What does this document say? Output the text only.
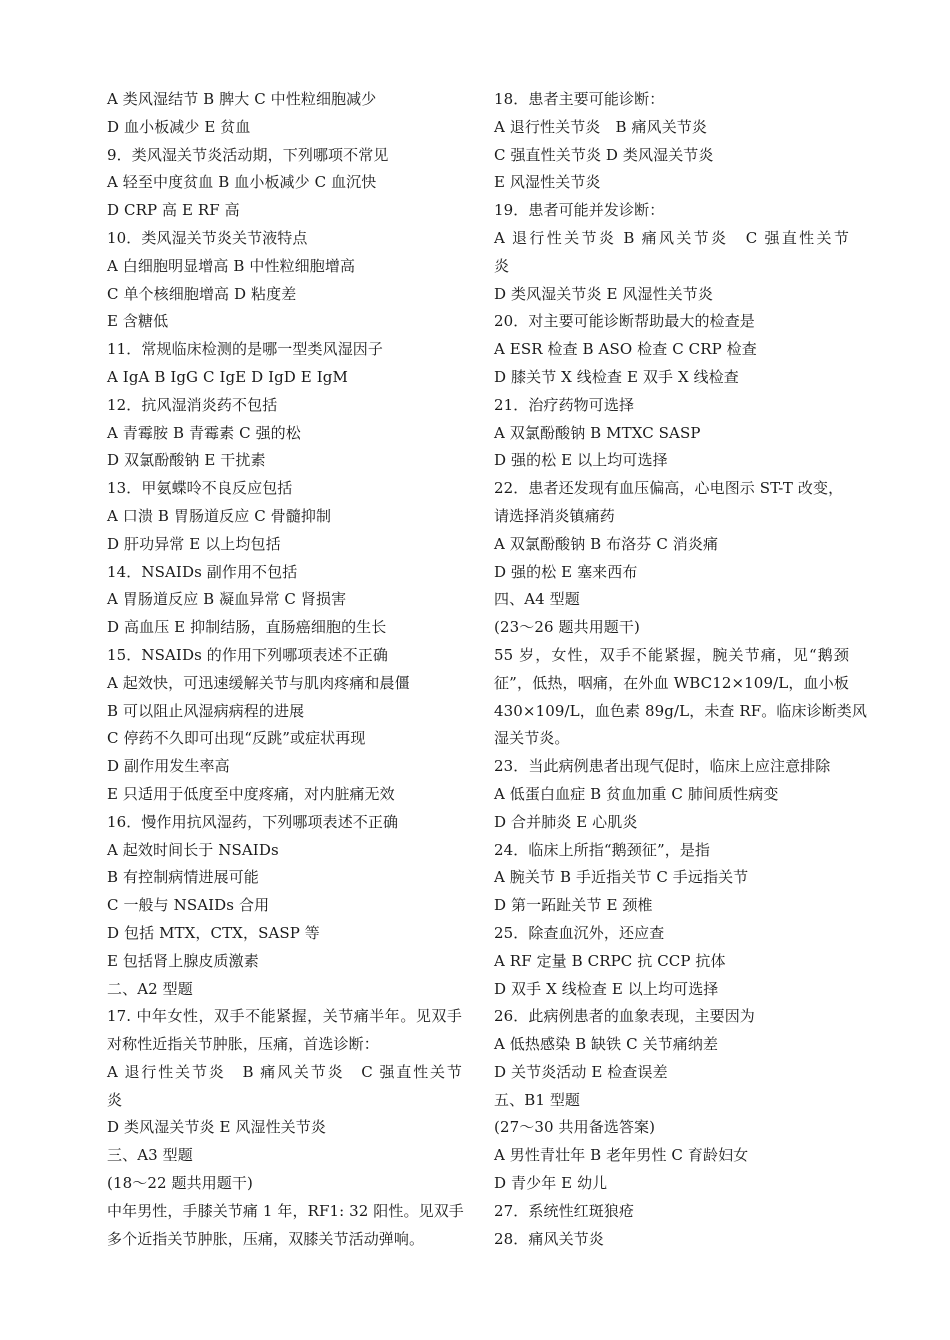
A 类风湿结节 B 脾大 C 中性粒细胞减少
D 血小板减少 E 贫血
9．类风湿关节炎活动期，下列哪项不常见
A 轻至中度贫血 B 血小板减少 C 血沉快
D CRP 高 E RF 高
10．类风湿关节炎关节液特点
A 白细胞明显增高 B 中性粒细胞增高
C 单个核细胞增高 D 粘度差
E 含糖低
11．常规临床检测的是哪一型类风湿因子
A IgA B IgG C IgE D IgD E IgM
12．抗风湿消炎药不包括
A 青霉胺 B 青霉素 C 强的松
D 双氯酚酸钠 E 干扰素
13．甲氨蝶呤不良反应包括
A 口溃 B 胃肠道反应 C 骨髓抑制
D 肝功异常 E 以上均包括
14．NSAIDs 副作用不包括
A 胃肠道反应 B 凝血异常 C 肾损害
D 高血压 E 抑制结肠，直肠癌细胞的生长
15．NSAIDs 的作用下列哪项表述不正确
A 起效快，可迅速缓解关节与肌肉疼痛和晨僵
B 可以阻止风湿病病程的进展
C 停药不久即可出现“反跳”或症状再现
D 副作用发生率高
E 只适用于低度至中度疼痛，对内脏痛无效
16．慢作用抗风湿药，下列哪项表述不正确
A 起效时间长于 NSAIDs
B 有控制病情进展可能
C 一般与 NSAIDs 合用
D 包括 MTX，CTX，SASP 等
E 包括肾上腺皮质激素
二、A2 型题
17. 中年女性，双手不能紧握，关节痛半年。见双手
对称性近指关节肿胀，压痛，首选诊断：
A 退行性关节炎　B 痛风关节炎　C 强直性关节
炎
D 类风湿关节炎 E 风湿性关节炎
三、A3 型题
(18～22 题共用题干)
中年男性，手膝关节痛 1 年，RF1: 32 阳性。见双手
多个近指关节肿胀，压痛，双膝关节活动弹响。
18．患者主要可能诊断：
A 退行性关节炎　B 痛风关节炎
C 强直性关节炎 D 类风湿关节炎
E 风湿性关节炎
19．患者可能并发诊断：
A 退行性关节炎 B 痛风关节炎　C 强直性关节
炎
D 类风湿关节炎 E 风湿性关节炎
20．对主要可能诊断帮助最大的检查是
A ESR 检查 B ASO 检查 C CRP 检查
D 膝关节 X 线检查 E 双手 X 线检查
21．治疗药物可选择
A 双氯酚酸钠 B MTXC SASP
D 强的松 E 以上均可选择
22．患者还发现有血压偏高，心电图示 ST-T 改变，
请选择消炎镇痛药
A 双氯酚酸钠 B 布洛芬 C 消炎痛
D 强的松 E 塞来西布
四、A4 型题
(23～26 题共用题干)
55 岁，女性，双手不能紧握，腕关节痛，见“鹅颈
征”，低热，咽痛，在外血 WBC12×109/L，血小板
430×109/L，血色素 89g/L，未查 RF。临床诊断类风
湿关节炎。
23．当此病例患者出现气促时，临床上应注意排除
A 低蛋白血症 B 贫血加重 C 肺间质性病变
D 合并肺炎 E 心肌炎
24．临床上所指“鹅颈征”，是指
A 腕关节 B 手近指关节 C 手远指关节
D 第一跖趾关节 E 颈椎
25．除查血沉外，还应查
A RF 定量 B CRPC 抗 CCP 抗体
D 双手 X 线检查 E 以上均可选择
26．此病例患者的血象表现，主要因为
A 低热感染 B 缺铁 C 关节痛纳差
D 关节炎活动 E 检查误差
五、B1 型题
(27～30 共用备选答案)
A 男性青壮年 B 老年男性 C 育龄妇女
D 青少年 E 幼儿
27．系统性红斑狼疮
28．痛风关节炎
